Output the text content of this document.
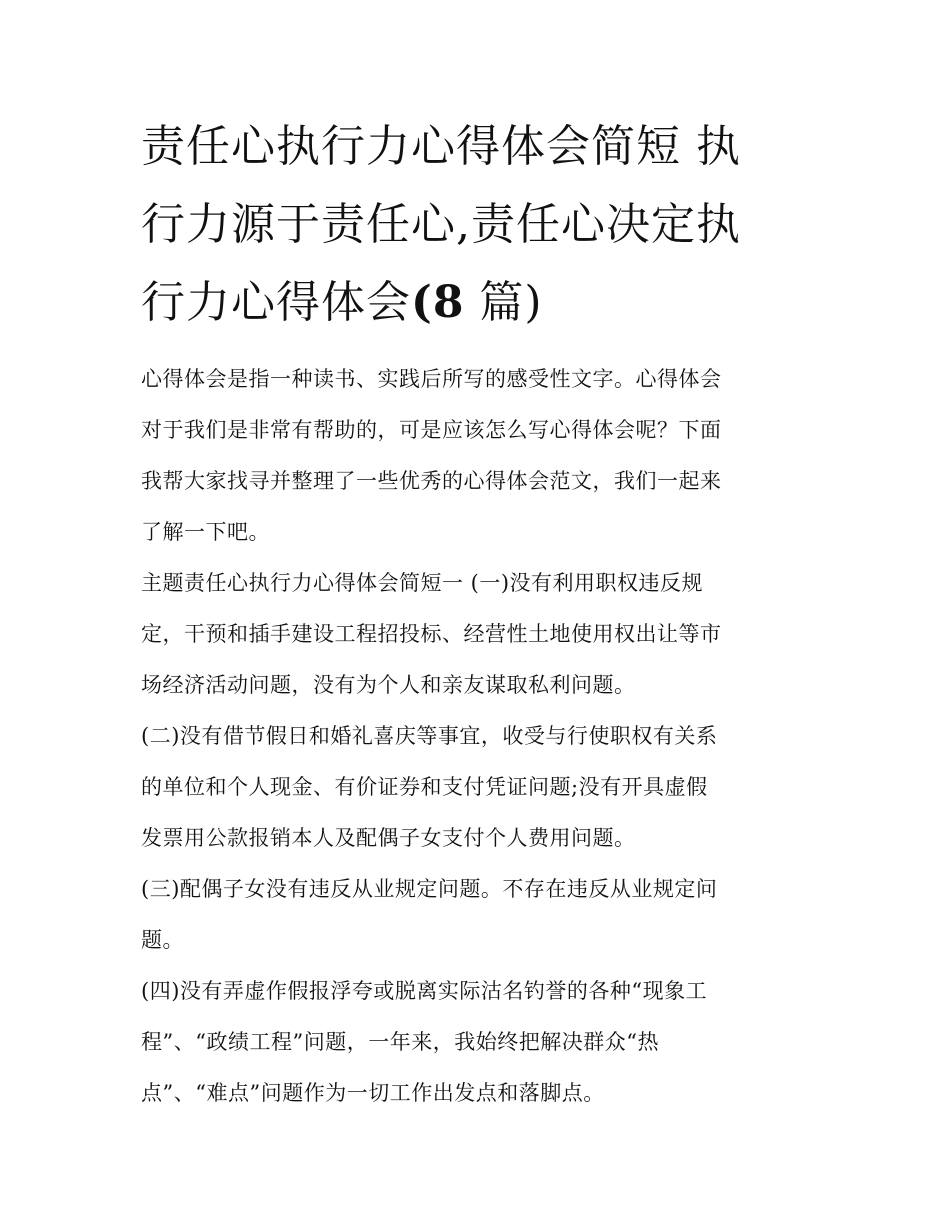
责任心执行力心得体会简短 执
行力源于责任心,责任心决定执
行力心得体会(8 篇)

心得体会是指一种读书、实践后所写的感受性文字。心得体会
对于我们是非常有帮助的，可是应该怎么写心得体会呢？下面
我帮大家找寻并整理了一些优秀的心得体会范文，我们一起来
了解一下吧。

主题责任心执行力心得体会简短一 (一)没有利用职权违反规
定，干预和插手建设工程招投标、经营性土地使用权出让等市
场经济活动问题，没有为个人和亲友谋取私利问题。

(二)没有借节假日和婚礼喜庆等事宜，收受与行使职权有关系
的单位和个人现金、有价证券和支付凭证问题;没有开具虚假
发票用公款报销本人及配偶子女支付个人费用问题。

(三)配偶子女没有违反从业规定问题。不存在违反从业规定问
题。

(四)没有弄虚作假报浮夸或脱离实际沽名钓誉的各种“现象工
程”、“政绩工程”问题，一年来，我始终把解决群众“热
点”、“难点”问题作为一切工作出发点和落脚点。
